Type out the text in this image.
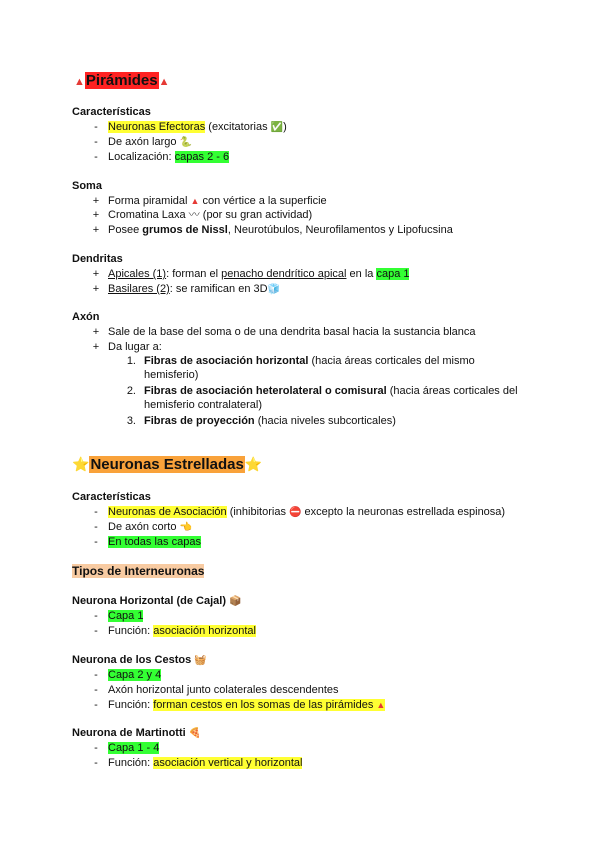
▲Pirámides▲
Características
- Neuronas Efectoras (excitatorias ✅)
- De axón largo 🐍
- Localización: capas 2 - 6
Soma
+ Forma piramidal ▲ con vértice a la superficie
+ Cromatina Laxa 〰 (por su gran actividad)
+ Posee grumos de Nissl, Neurotúbulos, Neurofilamentos y Lipofucsina
Dendritas
+ Apicales (1): forman el penacho dendrítico apical en la capa 1
+ Basilares (2): se ramifican en 3D🧊
Axón
+ Sale de la base del soma o de una dendrita basal hacia la sustancia blanca
+ Da lugar a:
1. Fibras de asociación horizontal (hacia áreas corticales del mismo
hemisferio)
2. Fibras de asociación heterolateral o comisural (hacia áreas corticales del
hemisferio contralateral)
3. Fibras de proyección (hacia niveles subcorticales)
⭐Neuronas Estrelladas⭐
Características
- Neuronas de Asociación (inhibitorias ⛔ excepto la neuronas estrellada espinosa)
- De axón corto 👈
- En todas las capas
Tipos de Interneuronas
Neurona Horizontal (de Cajal) 📦
- Capa 1
- Función: asociación horizontal
Neurona de los Cestos 🧺
- Capa 2 y 4
- Axón horizontal junto colaterales descendentes
- Función: forman cestos en los somas de las pirámides ▲
Neurona de Martinotti 🍕
- Capa 1 - 4
- Función: asociación vertical y horizontal
